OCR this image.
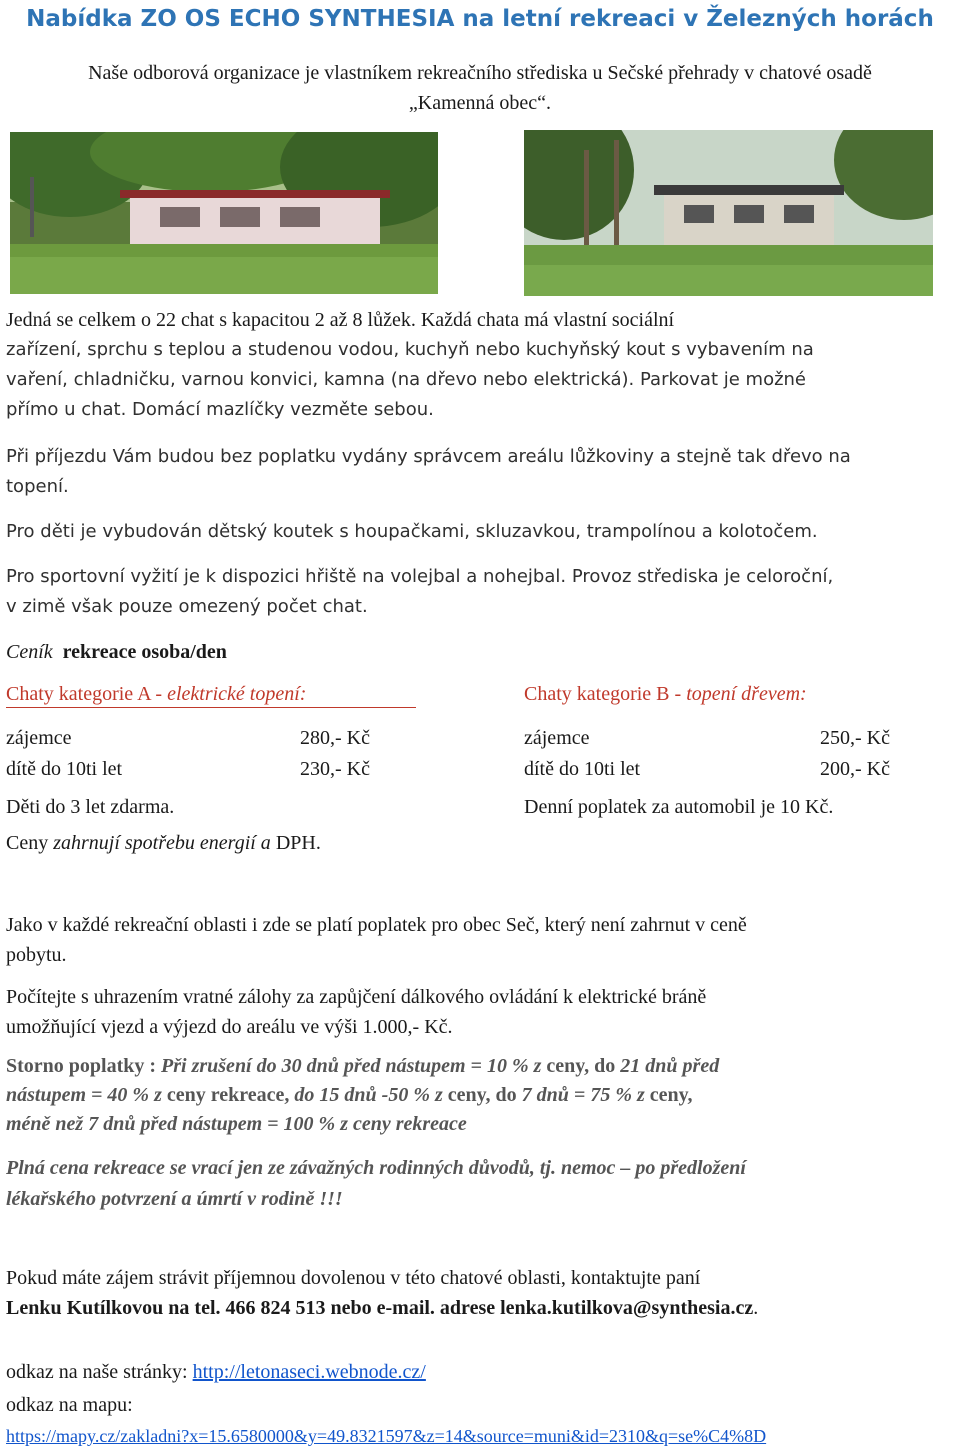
Nabídka ZO OS ECHO SYNTHESIA na letní rekreaci v Železných horách
Naše odborová organizace je vlastníkem rekreačního střediska u Sečské přehrady v chatové osadě
„Kamenná obec“.
Jedná se celkem o 22 chat s kapacitou 2 až 8 lůžek. Každá chata má vlastní sociální
zařízení, sprchu s teplou a studenou vodou, kuchyň nebo kuchyňský kout s vybavením na
vaření, chladničku, varnou konvici, kamna (na dřevo nebo elektrická). Parkovat je možné
přímo u chat. Domácí mazlíčky vezměte sebou.
Při příjezdu Vám budou bez poplatku vydány správcem areálu lůžkoviny a stejně tak dřevo na
topení.
Pro děti je vybudován dětský koutek s houpačkami, skluzavkou, trampolínou a kolotočem.
Pro sportovní vyžití je k dispozici hřiště na volejbal a nohejbal. Provoz střediska je celoroční,
v zimě však pouze omezený počet chat.
Ceník rekreace osoba/den
Chaty kategorie A - elektrické topení:	Chaty kategorie B - topení dřevem:
zájemce	280,- Kč
dítě do 10ti let	230,- Kč
zájemce	250,- Kč
dítě do 10ti let	200,- Kč
Děti do 3 let zdarma.	Denní poplatek za automobil je 10 Kč.
Ceny zahrnují spotřebu energií a DPH.
Jako v každé rekreační oblasti i zde se platí poplatek pro obec Seč, který není zahrnut v ceně
pobytu.
Počítejte s uhrazením vratné zálohy za zapůjčení dálkového ovládání k elektrické bráně
umožňující vjezd a výjezd do areálu ve výši 1.000,- Kč.
Storno poplatky : Při zrušení do 30 dnů před nástupem = 10 % z ceny, do 21 dnů před
nástupem = 40 % z ceny rekreace, do 15 dnů -50 % z ceny, do 7 dnů = 75 % z ceny,
méně než 7 dnů před nástupem = 100 % z ceny rekreace
Plná cena rekreace se vrací jen ze závažných rodinných důvodů, tj. nemoc – po předložení
lékařského potvrzení a úmrtí v rodině !!!
Pokud máte zájem strávit příjemnou dovolenou v této chatové oblasti, kontaktujte paní
Lenku Kutílkovou na tel. 466 824 513 nebo e-mail. adrese lenka.kutilkova@synthesia.cz.
odkaz na naše stránky: http://letonaseci.webnode.cz/
odkaz na mapu:
https://mapy.cz/zakladni?x=15.6580000&y=49.8321597&z=14&source=muni&id=2310&q=se%C4%8D
